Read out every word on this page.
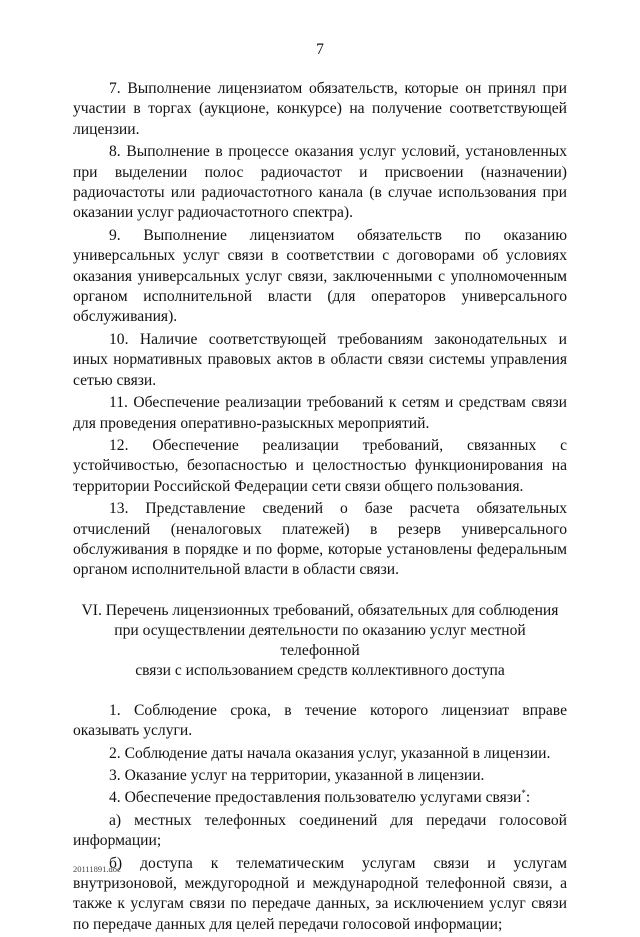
7

7. Выполнение лицензиатом обязательств, которые он принял при участии в торгах (аукционе, конкурсе) на получение соответствующей лицензии.

8. Выполнение в процессе оказания услуг условий, установленных при выделении полос радиочастот и присвоении (назначении) радиочастоты или радиочастотного канала (в случае использования при оказании услуг радиочастотного спектра).

9. Выполнение лицензиатом обязательств по оказанию универсальных услуг связи в соответствии с договорами об условиях оказания универсальных услуг связи, заключенными с уполномоченным органом исполнительной власти (для операторов универсального обслуживания).

10. Наличие соответствующей требованиям законодательных и иных нормативных правовых актов в области связи системы управления сетью связи.

11. Обеспечение реализации требований к сетям и средствам связи для проведения оперативно-разыскных мероприятий.

12. Обеспечение реализации требований, связанных с устойчивостью, безопасностью и целостностью функционирования на территории Российской Федерации сети связи общего пользования.

13. Представление сведений о базе расчета обязательных отчислений (неналоговых платежей) в резерв универсального обслуживания в порядке и по форме, которые установлены федеральным органом исполнительной власти в области связи.

VI. Перечень лицензионных требований, обязательных для соблюдения
при осуществлении деятельности по оказанию услуг местной телефонной
связи с использованием средств коллективного доступа

1. Соблюдение срока, в течение которого лицензиат вправе оказывать услуги.

2. Соблюдение даты начала оказания услуг, указанной в лицензии.

3. Оказание услуг на территории, указанной в лицензии.

4. Обеспечение предоставления пользователю услугами связи*:

а) местных телефонных соединений для передачи голосовой информации;

б) доступа к телематическим услугам связи и услугам внутризоновой, междугородной и международной телефонной связи, а также к услугам связи по передаче данных, за исключением услуг связи по передаче данных для целей передачи голосовой информации;

20111891.doc
